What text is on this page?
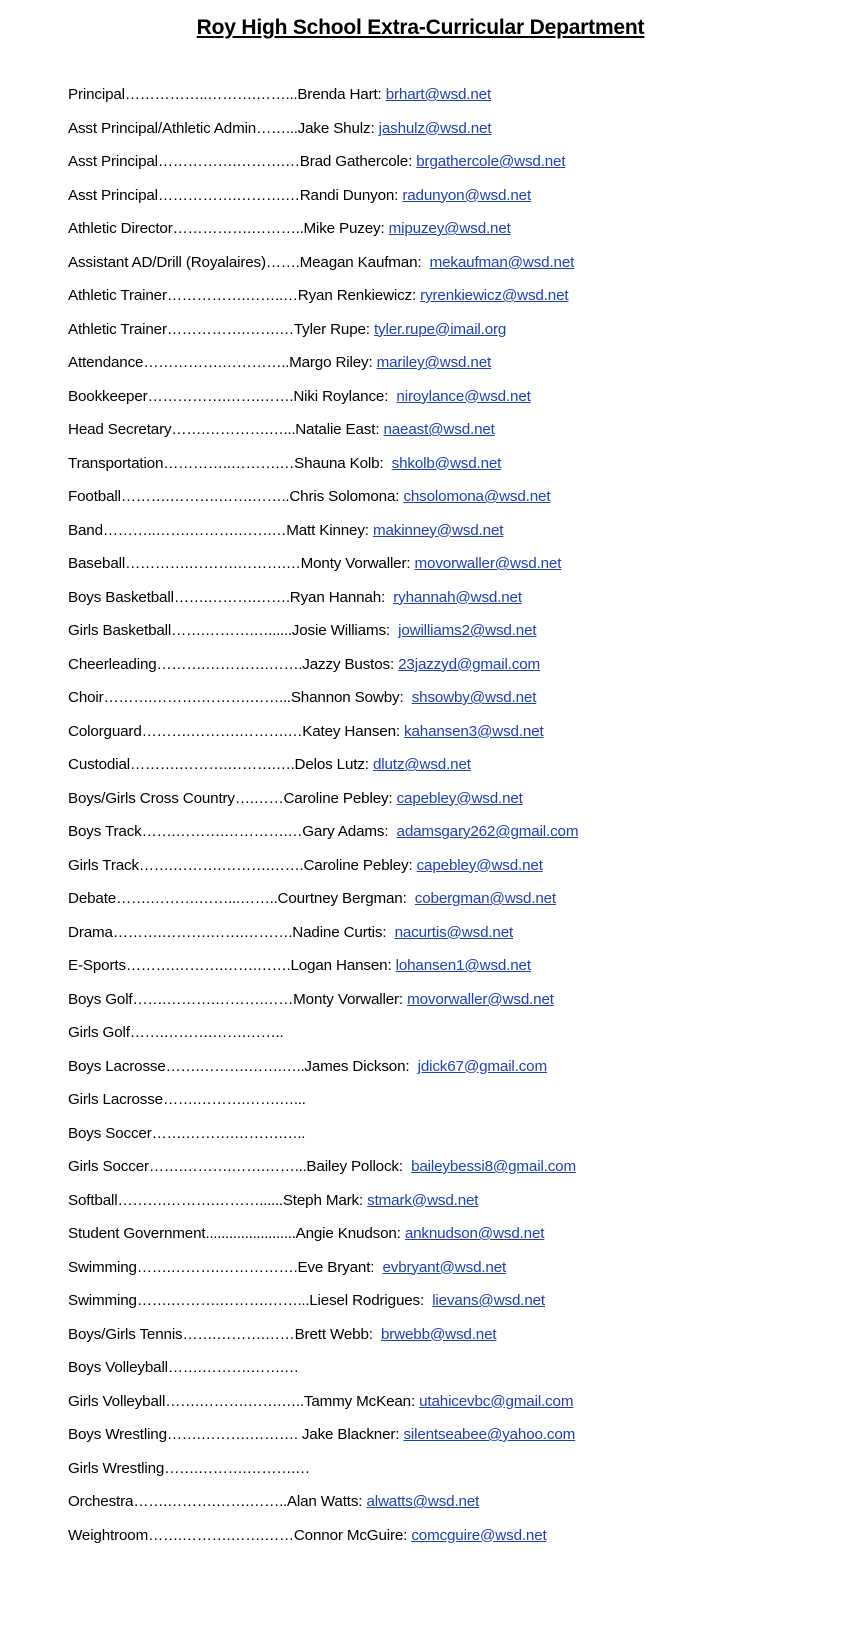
Roy High School Extra-Curricular Department
Principal……………..……….……...Brenda Hart: brhart@wsd.net
Asst Principal/Athletic Admin……...Jake Shulz: jashulz@wsd.net
Asst Principal…………….……….…Brad Gathercole: brgathercole@wsd.net
Asst Principal…………….……….…Randi Dunyon: radunyon@wsd.net
Athletic Director…………….………..Mike Puzey: mipuzey@wsd.net
Assistant AD/Drill (Royalaires)…….Meagan Kaufman: mekaufman@wsd.net
Athletic Trainer…………….……..…Ryan Renkiewicz: ryrenkiewicz@wsd.net
Athletic Trainer…………….…….…Tyler Rupe: tyler.rupe@imail.org
Attendance…………….…………..Margo Riley: mariley@wsd.net
Bookkeeper…………….…….…….Niki Roylance: niroylance@wsd.net
Head Secretary…….………….…...Natalie East: naeast@wsd.net
Transportation…………..……….…Shauna Kolb: shkolb@wsd.net
Football……….……….…….……..Chris Solomona: chsolomona@wsd.net
Band………..…….……….…….…Matt Kinney: makinney@wsd.net
Baseball………….……….……….…Monty Vorwaller: movorwaller@wsd.net
Boys Basketball…….……….…….Ryan Hannah: ryhannah@wsd.net
Girls Basketball…….……….…......Josie Williams: jowilliams2@wsd.net
Cheerleading……….………….…….Jazzy Bustos: 23jazzyd@gmail.com
Choir……….……….……….……...Shannon Sowby: shsowby@wsd.net
Colorguard……….……….……….…Katey Hansen: kahansen3@wsd.net
Custodial……….……….……….….Delos Lutz: dlutz@wsd.net
Boys/Girls Cross Country….……Caroline Pebley: capebley@wsd.net
Boys Track…….……….………….…Gary Adams: adamsgary262@gmail.com
Girls Track…….……….……….…….Caroline Pebley: capebley@wsd.net
Debate…….……….……...……..Courtney Bergman: cobergman@wsd.net
Drama……….……….…….……….Nadine Curtis: nacurtis@wsd.net
E-Sports……….……….…….…….Logan Hansen: lohansen1@wsd.net
Boys Golf…….……….……….……Monty Vorwaller: movorwaller@wsd.net
Girls Golf…….……….…….……..
Boys Lacrosse…….……….…….…..James Dickson: jdick67@gmail.com
Girls Lacrosse…….……….…….…...
Boys Soccer…….……….……….…..
Girls Soccer…….……….…….……...Bailey Pollock: baileybessi8@gmail.com
Softball……….……….………......Steph Mark: stmark@wsd.net
Student Government.......................Angie Knudson: anknudson@wsd.net
Swimming…….……….…………….Eve Bryant: evbryant@wsd.net
Swimming…….……….……….……...Liesel Rodrigues: lievans@wsd.net
Boys/Girls Tennis…….……….……Brett Webb: brwebb@wsd.net
Boys Volleyball…….……….…….…
Girls Volleyball…….……….…….…..Tammy McKean: utahicevbc@gmail.com
Boys Wrestling…….……….………. Jake Blackner: silentseabee@yahoo.com
Girls Wrestling…….……….……….…
Orchestra…….……….…….……..Alan Watts: alwatts@wsd.net
Weightroom…….……….…….……Connor McGuire: comcguire@wsd.net
